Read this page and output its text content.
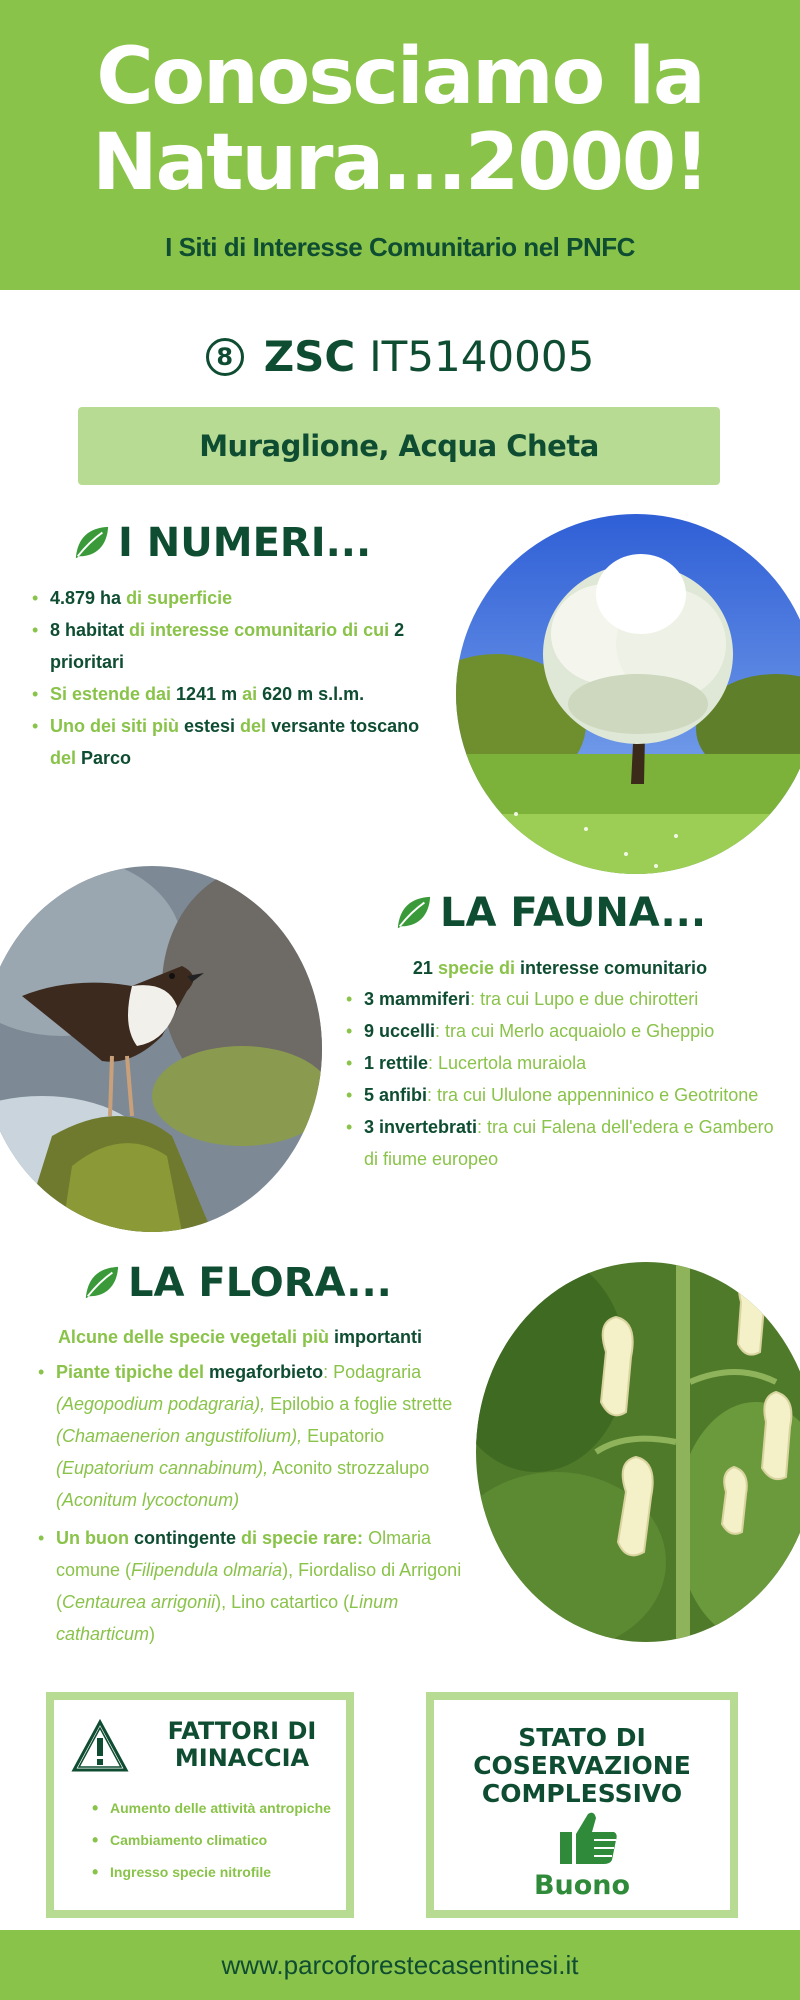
Conosciamo la
Natura...2000!
I Siti di Interesse Comunitario nel PNFC
8 ZSC IT5140005
Muraglione, Acqua Cheta
I NUMERI...
• 4.879 ha di superficie
• 8 habitat di interesse comunitario di cui 2 prioritari
• Si estende dai 1241 m ai 620 m s.l.m.
• Uno dei siti più estesi del versante toscano del Parco
LA FAUNA...
21 specie di interesse comunitario
• 3 mammiferi: tra cui Lupo e due chirotteri
• 9 uccelli: tra cui Merlo acquaiolo e Gheppio
• 1 rettile: Lucertola muraiola
• 5 anfibi: tra cui Ululone appenninico e Geotritone
• 3 invertebrati: tra cui Falena dell'edera e Gambero di fiume europeo
LA FLORA...
Alcune delle specie vegetali più importanti
• Piante tipiche del megaforbieto: Podagraria (Aegopodium podagraria), Epilobio a foglie strette (Chamaenerion angustifolium), Eupatorio (Eupatorium cannabinum), Aconito strozzalupo (Aconitum lycoctonum)
• Un buon contingente di specie rare: Olmaria comune (Filipendula olmaria), Fiordaliso di Arrigoni (Centaurea arrigonii), Lino catartico (Linum catharticum)
FATTORI DI
MINACCIA
• Aumento delle attività antropiche
• Cambiamento climatico
• Ingresso specie nitrofile
STATO DI
COSERVAZIONE
COMPLESSIVO
Buono
www.parcoforestecasentinesi.it
